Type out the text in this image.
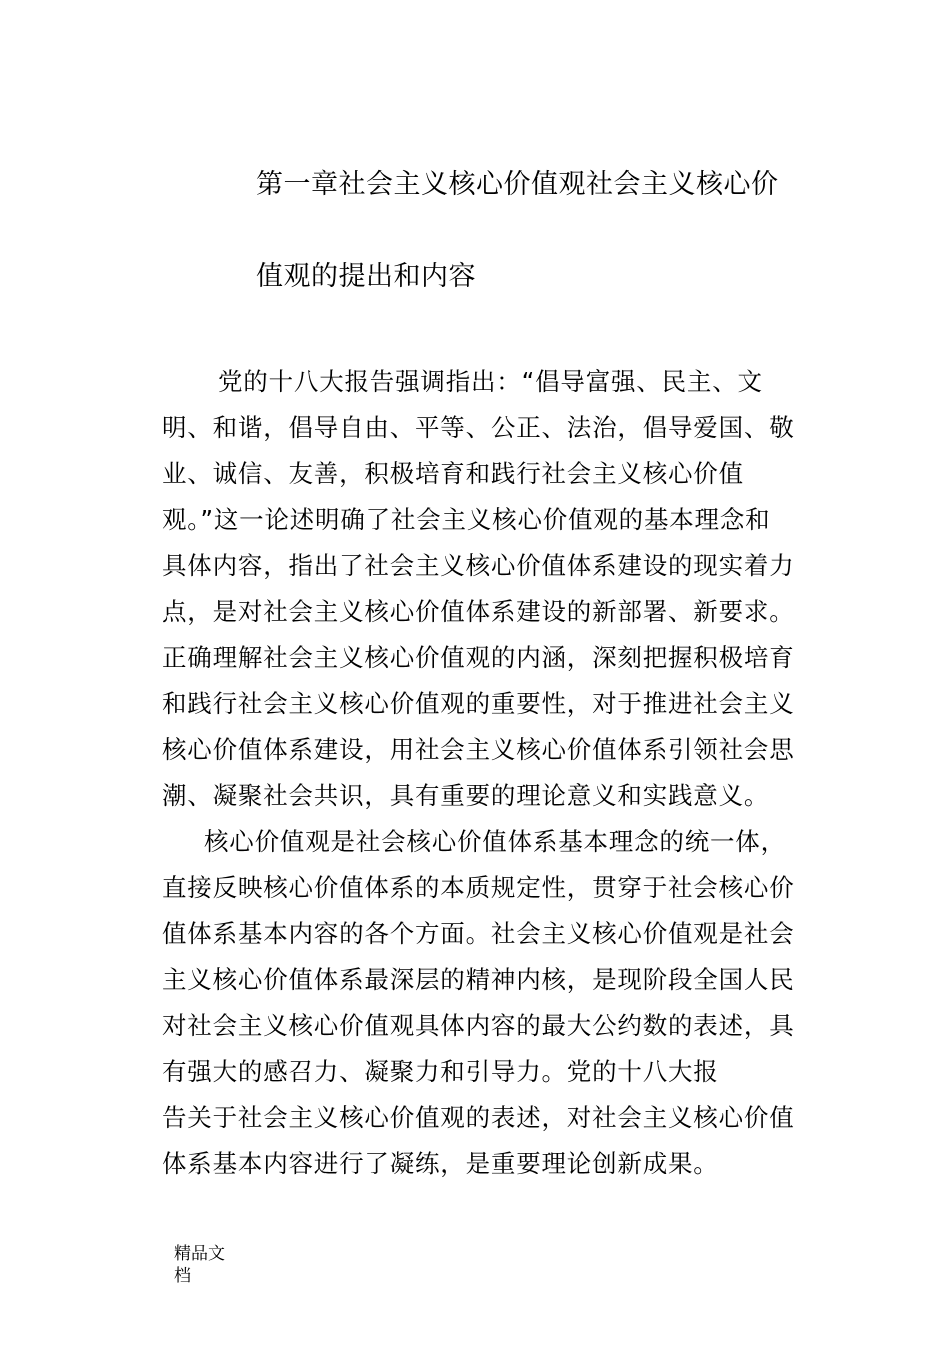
第一章社会主义核心价值观社会主义核心价
值观的提出和内容
党的十八大报告强调指出：“倡导富强、民主、文
明、和谐，倡导自由、平等、公正、法治，倡导爱国、敬
业、诚信、友善，积极培育和践行社会主义核心价值
观。”这一论述明确了社会主义核心价值观的基本理念和
具体内容，指出了社会主义核心价值体系建设的现实着力
点，是对社会主义核心价值体系建设的新部署、新要求。
正确理解社会主义核心价值观的内涵，深刻把握积极培育
和践行社会主义核心价值观的重要性，对于推进社会主义
核心价值体系建设，用社会主义核心价值体系引领社会思
潮、凝聚社会共识，具有重要的理论意义和实践意义。
核心价值观是社会核心价值体系基本理念的统一体，
直接反映核心价值体系的本质规定性，贯穿于社会核心价
值体系基本内容的各个方面。社会主义核心价值观是社会
主义核心价值体系最深层的精神内核，是现阶段全国人民
对社会主义核心价值观具体内容的最大公约数的表述，具
有强大的感召力、凝聚力和引导力。党的十八大报
告关于社会主义核心价值观的表述，对社会主义核心价值
体系基本内容进行了凝练，是重要理论创新成果。
精品文
档
